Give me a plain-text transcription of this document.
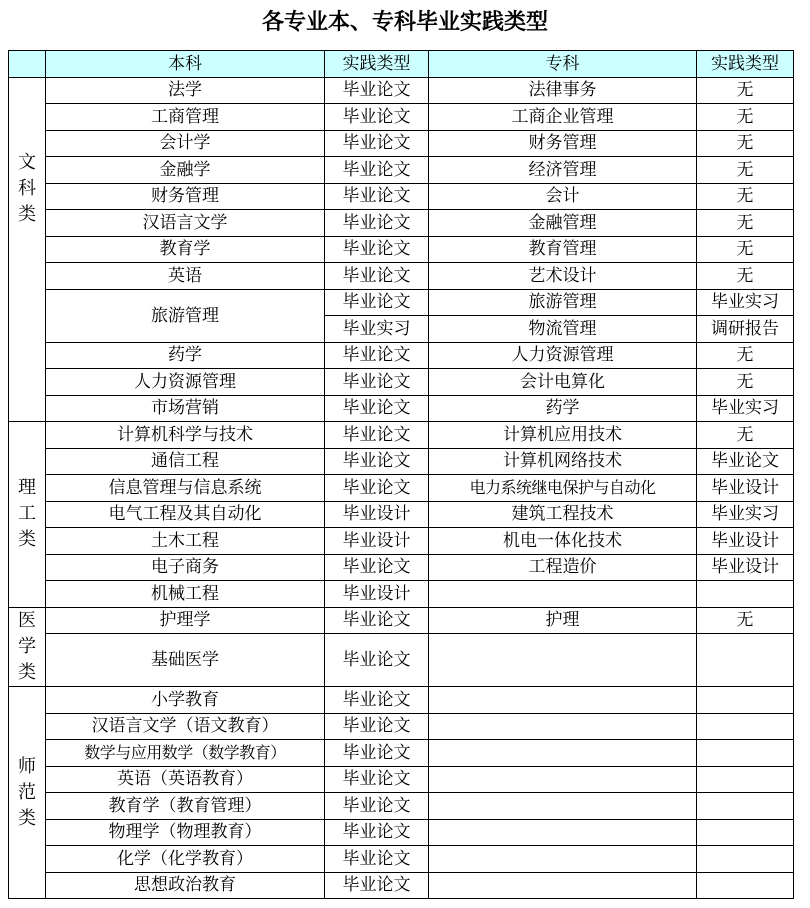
各专业本、专科毕业实践类型
	本科	实践类型	专科	实践类型
文科类	法学	毕业论文	法律事务	无
	工商管理	毕业论文	工商企业管理	无
	会计学	毕业论文	财务管理	无
	金融学	毕业论文	经济管理	无
	财务管理	毕业论文	会计	无
	汉语言文学	毕业论文	金融管理	无
	教育学	毕业论文	教育管理	无
	英语	毕业论文	艺术设计	无
	旅游管理	毕业论文	旅游管理	毕业实习
		毕业实习	物流管理	调研报告
	药学	毕业论文	人力资源管理	无
	人力资源管理	毕业论文	会计电算化	无
	市场营销	毕业论文	药学	毕业实习
理工类	计算机科学与技术	毕业论文	计算机应用技术	无
	通信工程	毕业论文	计算机网络技术	毕业论文
	信息管理与信息系统	毕业论文	电力系统继电保护与自动化	毕业设计
	电气工程及其自动化	毕业设计	建筑工程技术	毕业实习
	土木工程	毕业设计	机电一体化技术	毕业设计
	电子商务	毕业论文	工程造价	毕业设计
	机械工程	毕业设计		
医学类	护理学	毕业论文	护理	无
	基础医学	毕业论文		
师范类	小学教育	毕业论文		
	汉语言文学（语文教育）	毕业论文		
	数学与应用数学（数学教育）	毕业论文		
	英语（英语教育）	毕业论文		
	教育学（教育管理）	毕业论文		
	物理学（物理教育）	毕业论文		
	化学（化学教育）	毕业论文		
	思想政治教育	毕业论文		
